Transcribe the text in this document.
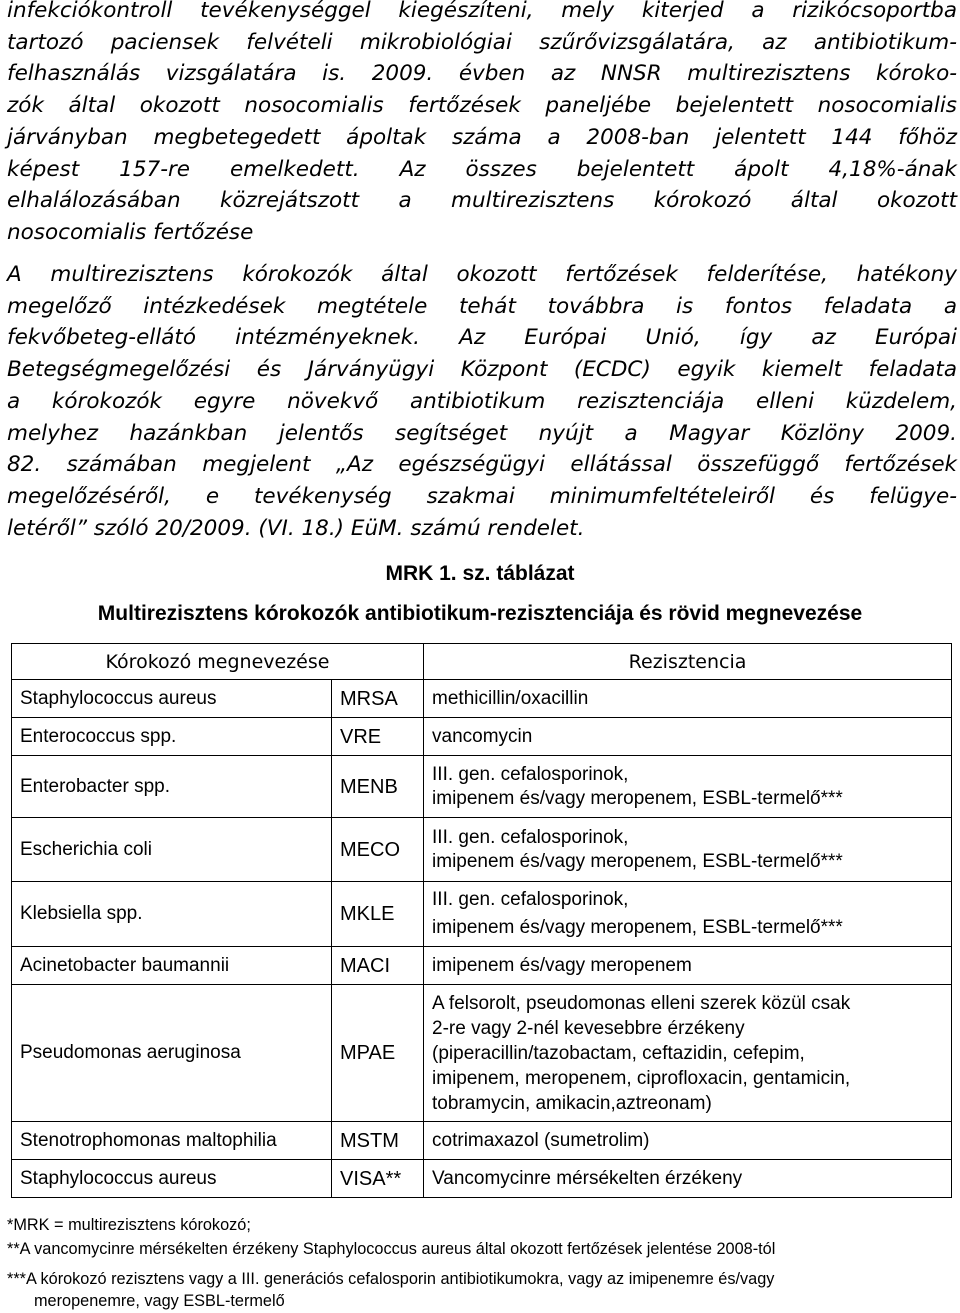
infekciókontroll tevékenységgel kiegészíteni, mely kiterjed a rizikócsoportba
tartozó paciensek felvételi mikrobiológiai szűrővizsgálatára, az antibiotikum-
felhasználás vizsgálatára is. 2009. évben az NNSR multirezisztens kóroko-
zók által okozott nosocomialis fertőzések paneljébe bejelentett nosocomialis
járványban megbetegedett ápoltak száma a 2008-ban jelentett 144 főhöz
képest 157-re emelkedett. Az összes bejelentett ápolt 4,18%-ának
elhalálozásában közrejátszott a multirezisztens kórokozó által okozott
nosocomialis fertőzése
A multirezisztens kórokozók által okozott fertőzések felderítése, hatékony
megelőző intézkedések megtétele tehát továbbra is fontos feladata a
fekvőbeteg-ellátó intézményeknek. Az Európai Unió, így az Európai
Betegségmegelőzési és Járványügyi Központ (ECDC) egyik kiemelt feladata
a kórokozók egyre növekvő antibiotikum rezisztenciája elleni küzdelem,
melyhez hazánkban jelentős segítséget nyújt a Magyar Közlöny 2009.
82. számában megjelent „Az egészségügyi ellátással összefüggő fertőzések
megelőzéséről, e tevékenység szakmai minimumfeltételeiről és felügye-
letéről” szóló 20/2009. (VI. 18.) EüM. számú rendelet.
MRK 1. sz. táblázat
Multirezisztens kórokozók antibiotikum-rezisztenciája és rövid megnevezése
Kórokozó megnevezése		Rezisztencia
Staphylococcus aureus	MRSA	methicillin/oxacillin

Enterococcus spp.	VRE	vancomycin

Enterobacter spp.	MENB	III. gen. cefalosporinok,
imipenem és/vagy meropenem, ESBL-termelő***

Escherichia coli	MECO	III. gen. cefalosporinok,
imipenem és/vagy meropenem, ESBL-termelő***

Klebsiella spp.	MKLE	III. gen. cefalosporinok,
imipenem és/vagy meropenem, ESBL-termelő***

Acinetobacter baumannii	MACI	imipenem és/vagy meropenem

Pseudomonas aeruginosa	MPAE	A felsorolt, pseudomonas elleni szerek közül csak
2-re vagy 2-nél kevesebbre érzékeny
(piperacillin/tazobactam, ceftazidin, cefepim,
imipenem, meropenem, ciprofloxacin, gentamicin,
tobramycin, amikacin,aztreonam)

Stenotrophomonas maltophilia	MSTM	cotrimaxazol (sumetrolim)

Staphylococcus aureus	VISA**	Vancomycinre mérsékelten érzékeny
*MRK = multirezisztens kórokozó;
**A vancomycinre mérsékelten érzékeny Staphylococcus aureus által okozott fertőzések jelentése 2008-tól
***A kórokozó rezisztens vagy a III. generációs cefalosporin antibiotikumokra, vagy az imipenemre és/vagy
meropenemre, vagy ESBL-termelő
